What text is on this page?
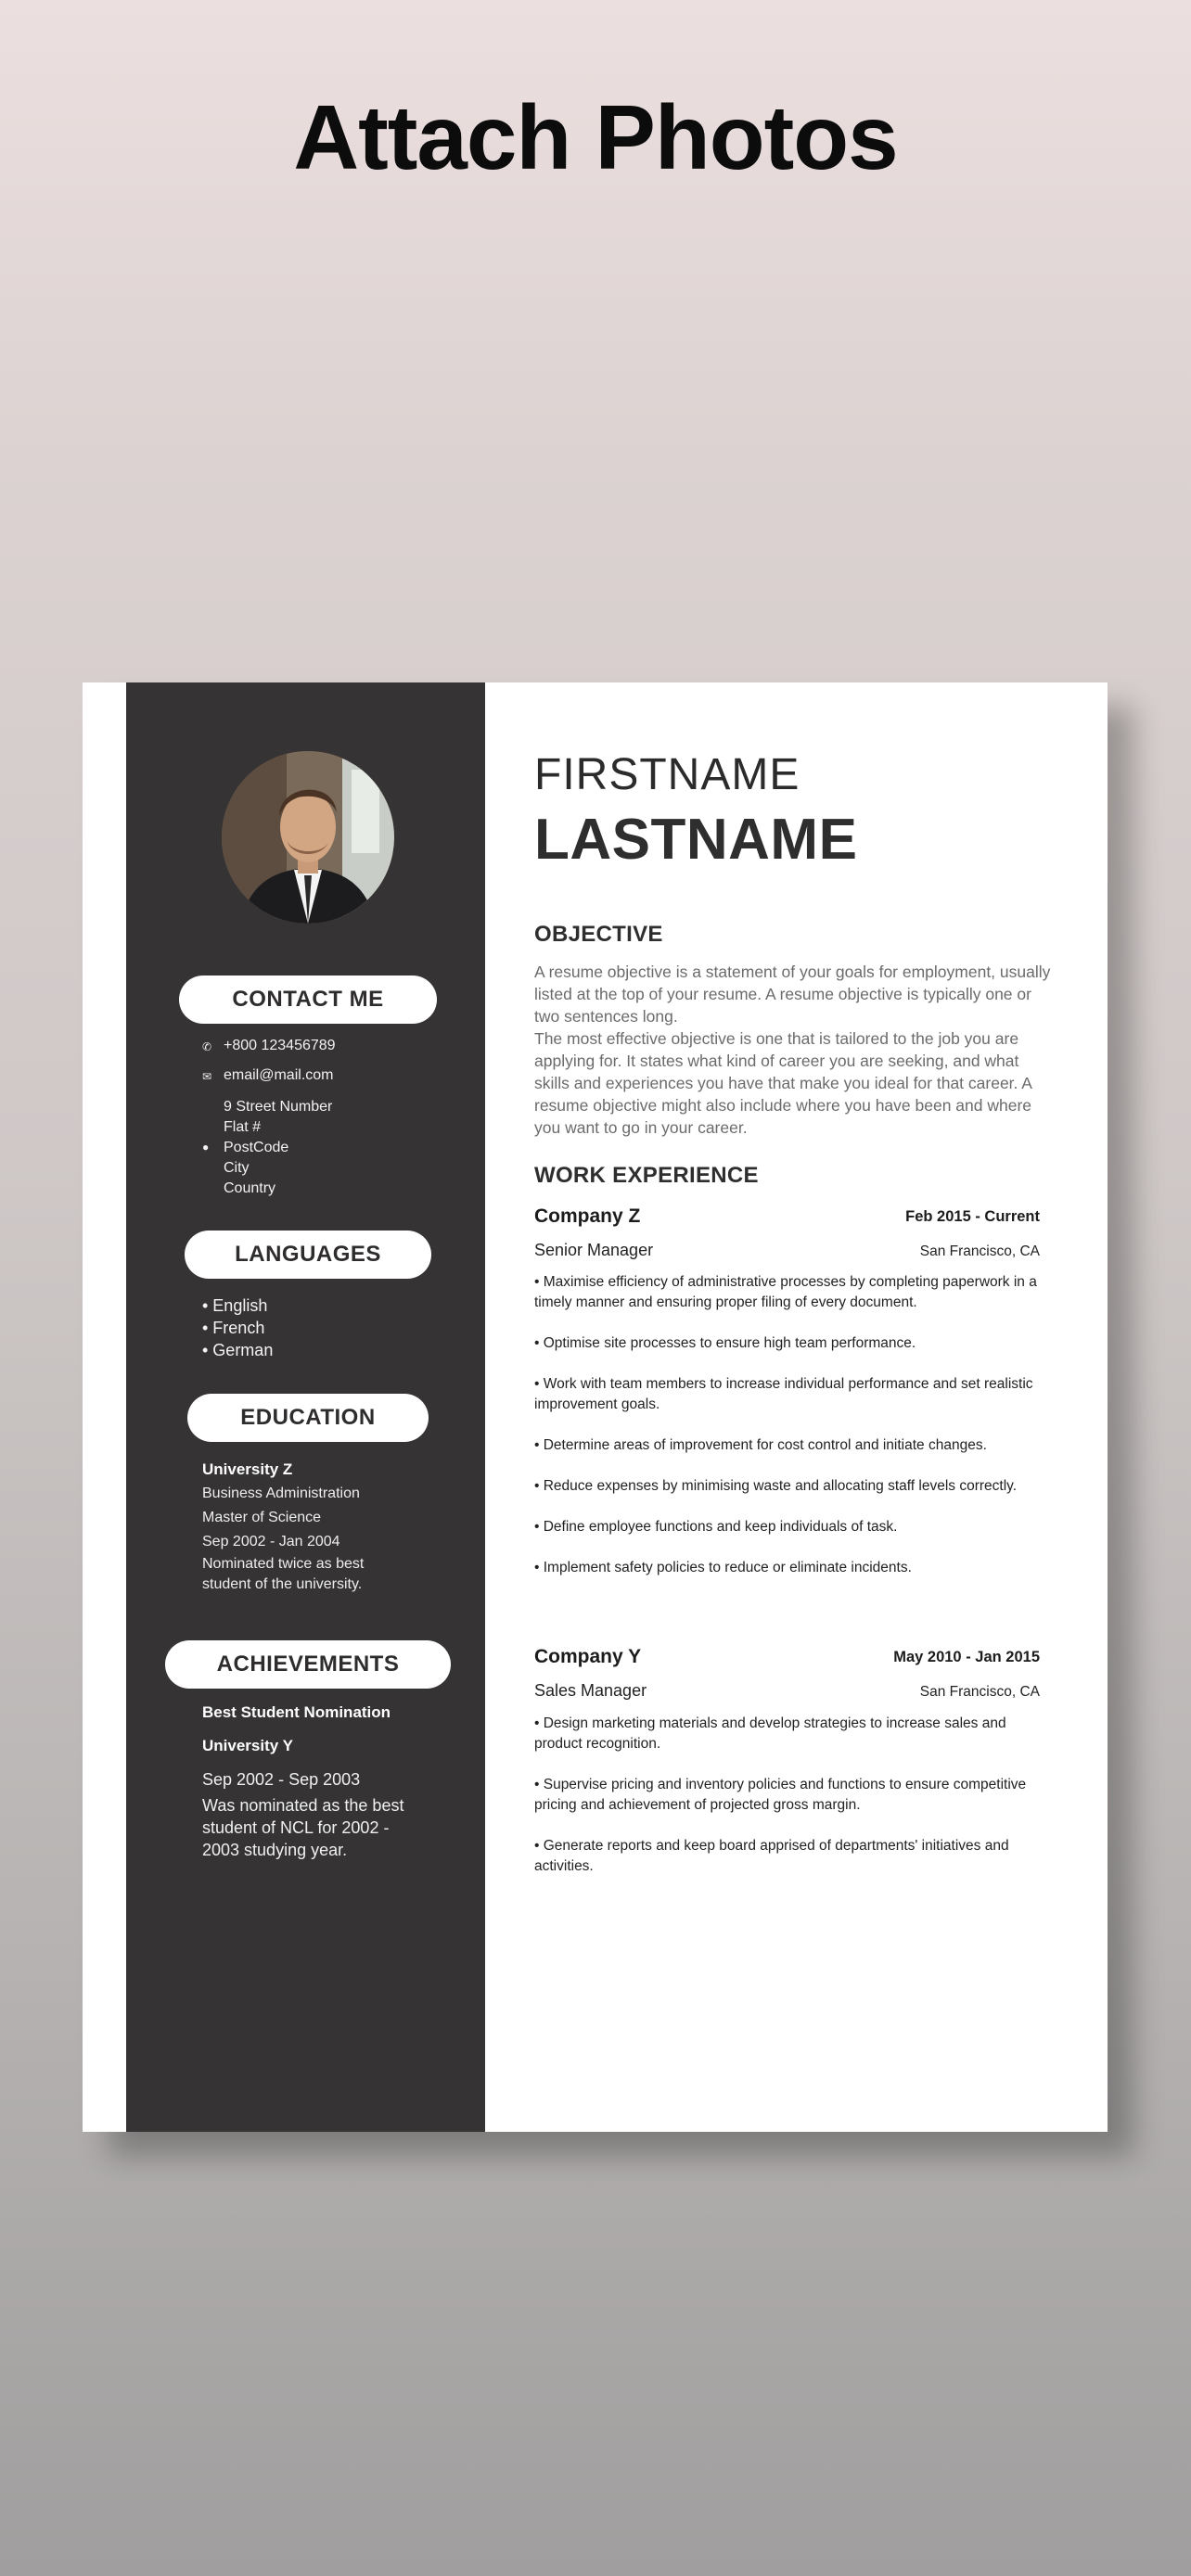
Attach Photos
CONTACT ME
✆ +800 123456789
✉ email@mail.com
●
9 Street Number
Flat #
PostCode
City
Country
LANGUAGES
• English
• French
• German
EDUCATION
University Z
Business Administration
Master of Science
Sep 2002 - Jan 2004
Nominated twice as best student of the university.
ACHIEVEMENTS
Best Student Nomination
University Y
Sep 2002 - Sep 2003
Was nominated as the best student of NCL for 2002 - 2003 studying year.
FIRSTNAME
LASTNAME
OBJECTIVE
A resume objective is a statement of your goals for employment, usually listed at the top of your resume. A resume objective is typically one or two sentences long.
The most effective objective is one that is tailored to the job you are applying for. It states what kind of career you are seeking, and what skills and experiences you have that make you ideal for that career. A resume objective might also include where you have been and where you want to go in your career.
WORK EXPERIENCE
Company Z	Feb 2015 - Current
Senior Manager	San Francisco, CA
• Maximise efficiency of administrative processes by completing paperwork in a timely manner and ensuring proper filing of every document.
• Optimise site processes to ensure high team performance.
• Work with team members to increase individual performance and set realistic improvement goals.
• Determine areas of improvement for cost control and initiate changes.
• Reduce expenses by minimising waste and allocating staff levels correctly.
• Define employee functions and keep individuals of task.
• Implement safety policies to reduce or eliminate incidents.
Company Y	May 2010 - Jan 2015
Sales Manager	San Francisco, CA
• Design marketing materials and develop strategies to increase sales and product recognition.
• Supervise pricing and inventory policies and functions to ensure competitive pricing and achievement of projected gross margin.
• Generate reports and keep board apprised of departments' initiatives and activities.
